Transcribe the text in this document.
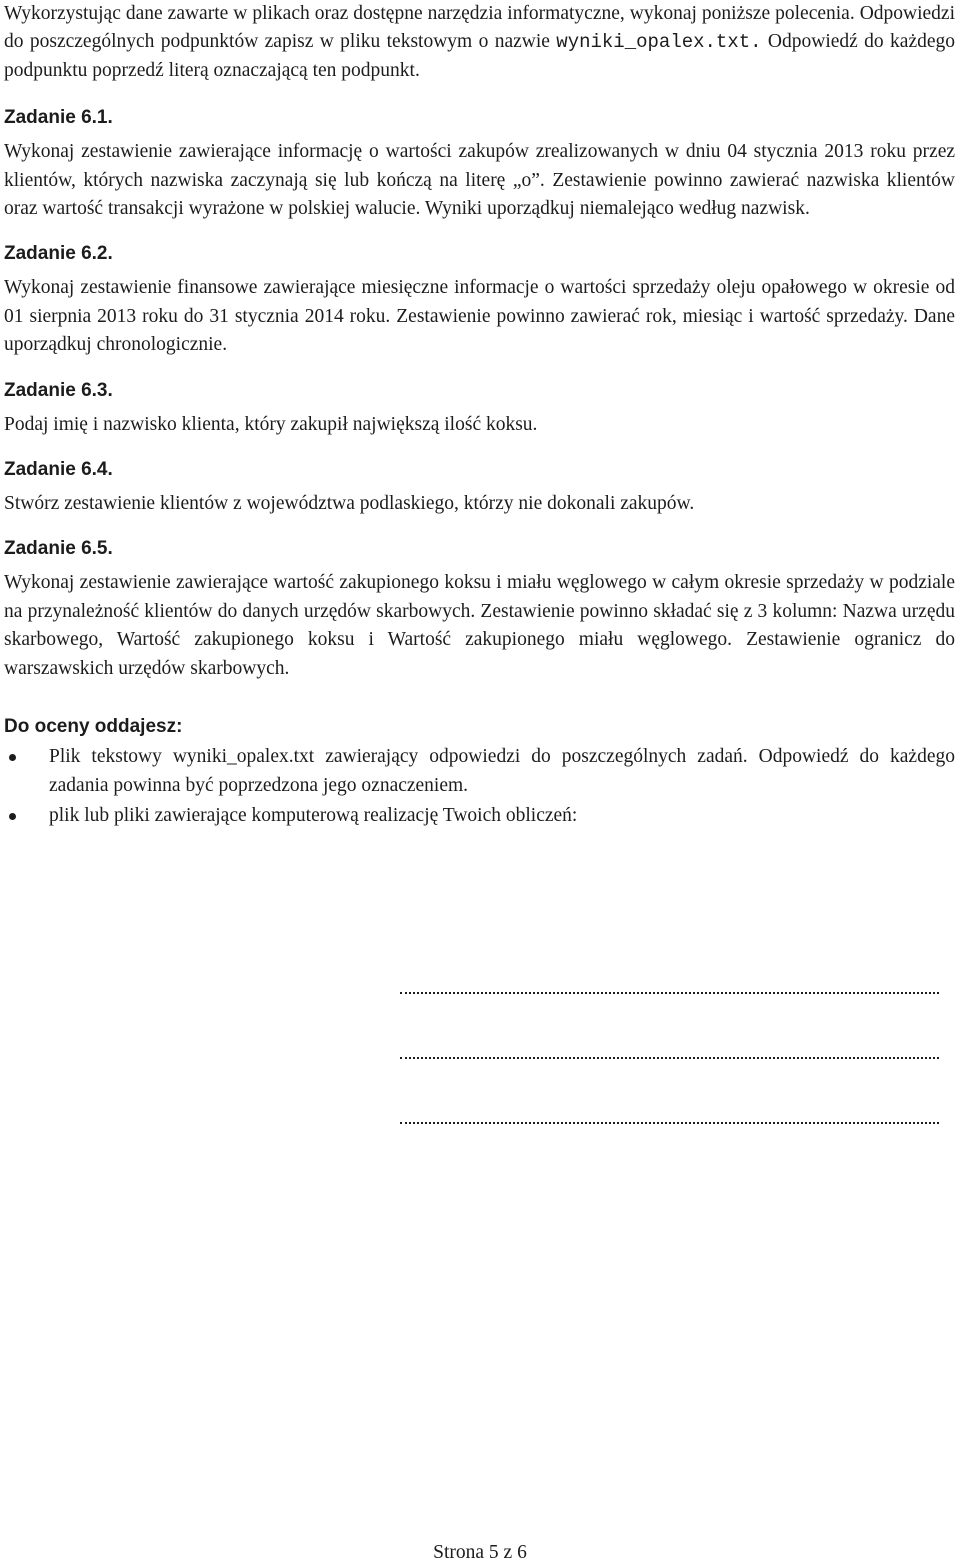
Wykorzystując dane zawarte w plikach oraz dostępne narzędzia informatyczne, wykonaj poniższe polecenia. Odpowiedzi do poszczególnych podpunktów zapisz w pliku tekstowym o nazwie wyniki_opalex.txt. Odpowiedź do każdego podpunktu poprzedź literą oznaczającą ten podpunkt.

Zadanie 6.1.

Wykonaj zestawienie zawierające informację o wartości zakupów zrealizowanych w dniu 04 stycznia 2013 roku przez klientów, których nazwiska zaczynają się lub kończą na literę „o”. Zestawienie powinno zawierać nazwiska klientów oraz wartość transakcji wyrażone w polskiej walucie. Wyniki uporządkuj niemalejąco według nazwisk.

Zadanie 6.2.

Wykonaj zestawienie finansowe zawierające miesięczne informacje o wartości sprzedaży oleju opałowego w okresie od 01 sierpnia 2013 roku do 31 stycznia 2014 roku. Zestawienie powinno zawierać rok, miesiąc i wartość sprzedaży. Dane uporządkuj chronologicznie.

Zadanie 6.3.

Podaj imię i nazwisko klienta, który zakupił największą ilość koksu.

Zadanie 6.4.

Stwórz zestawienie klientów z województwa podlaskiego, którzy nie dokonali zakupów.

Zadanie 6.5.

Wykonaj zestawienie zawierające wartość zakupionego koksu i miału węglowego w całym okresie sprzedaży w podziale na przynależność klientów do danych urzędów skarbowych. Zestawienie powinno składać się z 3 kolumn: Nazwa urzędu skarbowego, Wartość zakupionego koksu i Wartość zakupionego miału węglowego. Zestawienie ogranicz do warszawskich urzędów skarbowych.

Do oceny oddajesz:
Plik tekstowy wyniki_opalex.txt zawierający odpowiedzi do poszczególnych zadań. Odpowiedź do każdego zadania powinna być poprzedzona jego oznaczeniem.
plik lub pliki zawierające komputerową realizację Twoich obliczeń:
Strona 5 z 6
